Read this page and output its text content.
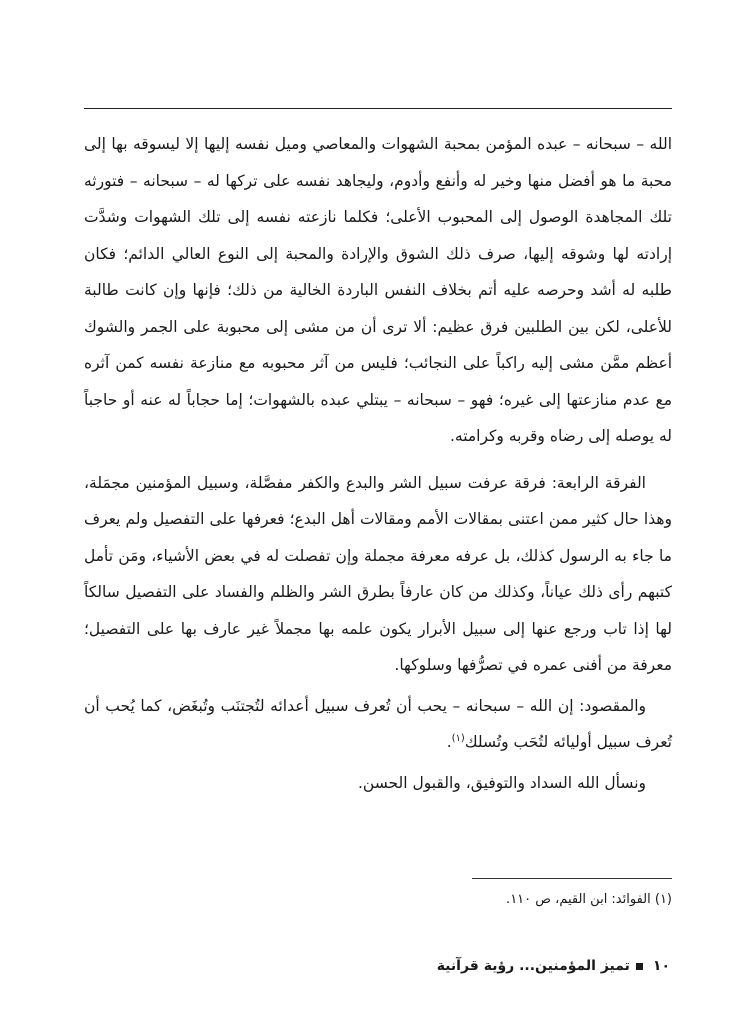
الله – سبحانه – عبده المؤمن بمحبة الشهوات والمعاصي وميل نفسه إليها إلا ليسوقه بها إلى محبة ما هو أفضل منها وخير له وأنفع وأدوم، وليجاهد نفسه على تركها له – سبحانه – فتورثه تلك المجاهدة الوصول إلى المحبوب الأعلى؛ فكلما نازعته نفسه إلى تلك الشهوات وشدَّت إرادته لها وشوقه إليها، صرف ذلك الشوق والإرادة والمحبة إلى النوع العالي الدائم؛ فكان طلبه له أشد وحرصه عليه أتم بخلاف النفس الباردة الخالية من ذلك؛ فإنها وإن كانت طالبة للأعلى، لكن بين الطلبين فرق عظيم: ألا ترى أن من مشى إلى محبوبة على الجمر والشوك أعظم ممَّن مشى إليه راكباً على النجائب؛ فليس من آثر محبوبه مع منازعة نفسه كمن آثره مع عدم منازعتها إلى غيره؛ فهو – سبحانه – يبتلي عبده بالشهوات؛ إما حجاباً له عنه أو حاجباً له يوصله إلى رضاه وقربه وكرامته.

الفرقة الرابعة: فرقة عرفت سبيل الشر والبدع والكفر مفصَّلة، وسبيل المؤمنين مجمَلة، وهذا حال كثير ممن اعتنى بمقالات الأمم ومقالات أهل البدع؛ فعرفها على التفصيل ولم يعرف ما جاء به الرسول كذلك، بل عرفه معرفة مجملة وإن تفصلت له في بعض الأشياء، ومَن تأمل كتبهم رأى ذلك عياناً، وكذلك من كان عارفاً بطرق الشر والظلم والفساد على التفصيل سالكاً لها إذا تاب ورجع عنها إلى سبيل الأبرار يكون علمه بها مجملاً غير عارف بها على التفصيل؛ معرفة من أفنى عمره في تصرُّفها وسلوكها.

والمقصود: إن الله – سبحانه – يحب أن تُعرف سبيل أعدائه لتُجتنَب وتُبغَض، كما يُحب أن تُعرف سبيل أوليائه لتُحَب وتُسلك$^{(١)}$.

ونسأل الله السداد والتوفيق، والقبول الحسن.

(١) الفوائد: ابن القيم، ص ١١٠.
١٠تميز المؤمنين... رؤية قرآنية
